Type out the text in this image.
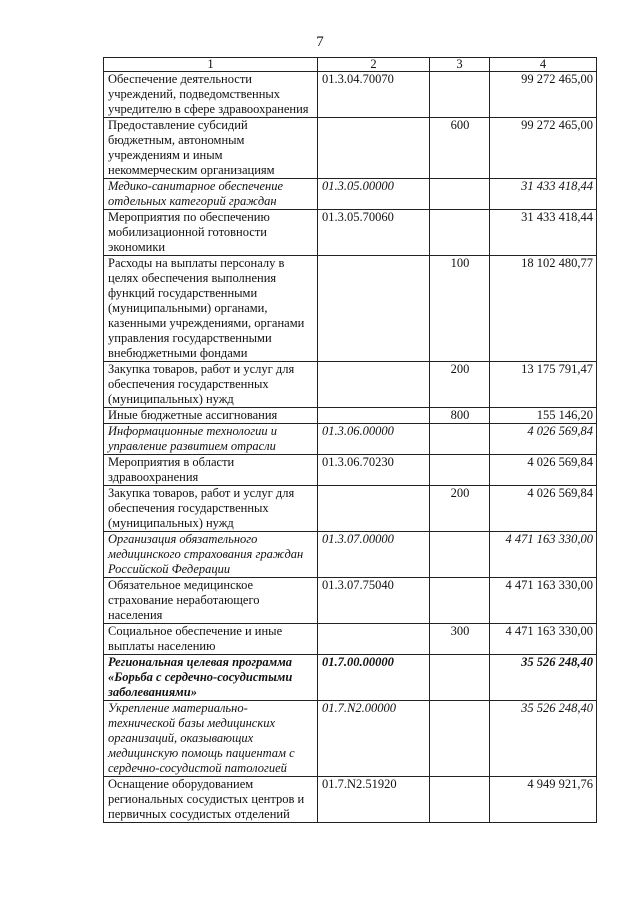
7
1	2	3	4
Обеспечение деятельности учреждений, подведомственных учредителю в сфере здравоохранения	01.3.04.70070		99 272 465,00
Предоставление субсидий бюджетным, автономным учреждениям и иным некоммерческим организациям		600	99 272 465,00
Медико-санитарное обеспечение отдельных категорий граждан	01.3.05.00000		31 433 418,44
Мероприятия по обеспечению мобилизационной готовности экономики	01.3.05.70060		31 433 418,44
Расходы на выплаты персоналу в целях обеспечения выполнения функций государственными (муниципальными) органами, казенными учреждениями, органами управления государственными внебюджетными фондами		100	18 102 480,77
Закупка товаров, работ и услуг для обеспечения государственных (муниципальных) нужд		200	13 175 791,47
Иные бюджетные ассигнования		800	155 146,20
Информационные технологии и управление развитием отрасли	01.3.06.00000		4 026 569,84
Мероприятия в области здравоохранения	01.3.06.70230		4 026 569,84
Закупка товаров, работ и услуг для обеспечения государственных (муниципальных) нужд		200	4 026 569,84
Организация обязательного медицинского страхования граждан Российской Федерации	01.3.07.00000		4 471 163 330,00
Обязательное медицинское страхование неработающего населения	01.3.07.75040		4 471 163 330,00
Социальное обеспечение и иные выплаты населению		300	4 471 163 330,00
Региональная целевая программа «Борьба с сердечно-сосудистыми заболеваниями»	01.7.00.00000		35 526 248,40
Укрепление материально-технической базы медицинских организаций, оказывающих медицинскую помощь пациентам с сердечно-сосудистой патологией	01.7.N2.00000		35 526 248,40
Оснащение оборудованием региональных сосудистых центров и первичных сосудистых отделений	01.7.N2.51920		4 949 921,76
